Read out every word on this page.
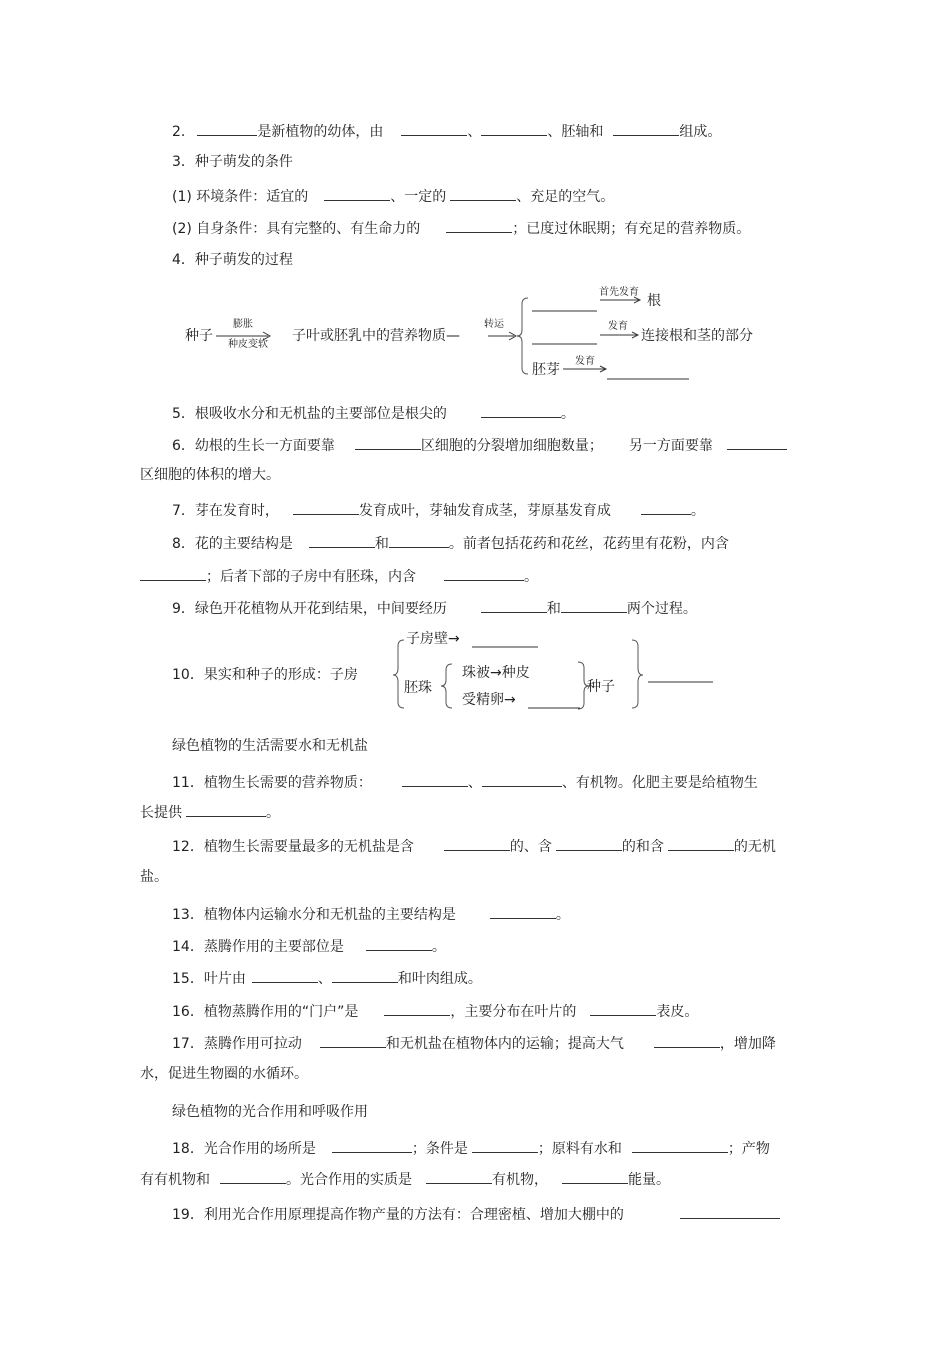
2.	是新植物的幼体，由	、	、胚轴和	组成。
3．种子萌发的条件
(1) 环境条件：适宜的	、一定的	、充足的空气。
(2) 自身条件：具有完整的、有生命力的	；已度过休眠期；有充足的营养物质。
4．种子萌发的过程
种子
膨胀
种皮变软
子叶或胚乳中的营养物质—
转运
首先发育
根
发育
连接根和茎的部分
胚芽
发育
5．根吸收水分和无机盐的主要部位是根尖的	。
6．幼根的生长一方面要靠	区细胞的分裂增加细胞数量； 另一方面要靠
区细胞的体积的增大。
7．芽在发育时，	发育成叶，芽轴发育成茎，芽原基发育成	。
8．花的主要结构是	和	。前者包括花药和花丝，花药里有花粉，内含
；后者下部的子房中有胚珠，内含	。
9．绿色开花植物从开花到结果，中间要经历	和	两个过程。
10．果实和种子的形成：子房
子房壁→
胚珠
珠被→种皮
受精卵→
种子
绿色植物的生活需要水和无机盐
11．植物生长需要的营养物质：	、	、有机物。化肥主要是给植物生
长提供	。
12．植物生长需要量最多的无机盐是含	的、含	的和含	的无机
盐。
13．植物体内运输水分和无机盐的主要结构是	。
14．蒸腾作用的主要部位是	。
15．叶片由	、	和叶肉组成。
16．植物蒸腾作用的“门户”是	，主要分布在叶片的	表皮。
17．蒸腾作用可拉动	和无机盐在植物体内的运输；提高大气	，增加降
水，促进生物圈的水循环。
绿色植物的光合作用和呼吸作用
18．光合作用的场所是	；条件是	；原料有水和	；产物
有有机物和	。光合作用的实质是	有机物，	能量。
19．利用光合作用原理提高作物产量的方法有：合理密植、增加大棚中的
